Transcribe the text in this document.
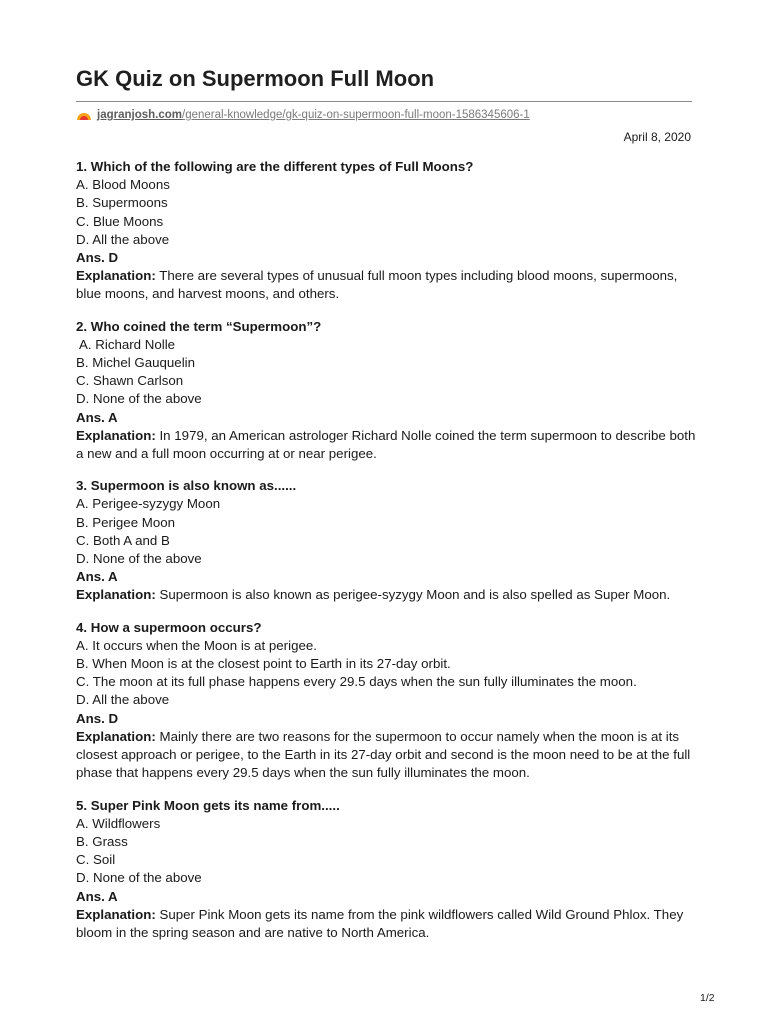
GK Quiz on Supermoon Full Moon
jagranjosh.com /general-knowledge/gk-quiz-on-supermoon-full-moon-1586345606-1
April 8, 2020
1. Which of the following are the different types of Full Moons?
A. Blood Moons
B. Supermoons
C. Blue Moons
D. All the above
Ans. D
Explanation: There are several types of unusual full moon types including blood moons, supermoons, blue moons, and harvest moons, and others.
2. Who coined the term “Supermoon”?
A. Richard Nolle
B. Michel Gauquelin
C. Shawn Carlson
D. None of the above
Ans. A
Explanation: In 1979, an American astrologer Richard Nolle coined the term supermoon to describe both a new and a full moon occurring at or near perigee.
3. Supermoon is also known as......
A. Perigee-syzygy Moon
B. Perigee Moon
C. Both A and B
D. None of the above
Ans. A
Explanation: Supermoon is also known as perigee-syzygy Moon and is also spelled as Super Moon.
4. How a supermoon occurs?
A. It occurs when the Moon is at perigee.
B. When Moon is at the closest point to Earth in its 27-day orbit.
C. The moon at its full phase happens every 29.5 days when the sun fully illuminates the moon.
D. All the above
Ans. D
Explanation: Mainly there are two reasons for the supermoon to occur namely when the moon is at its closest approach or perigee, to the Earth in its 27-day orbit and second is the moon need to be at the full phase that happens every 29.5 days when the sun fully illuminates the moon.
5. Super Pink Moon gets its name from.....
A. Wildflowers
B. Grass
C. Soil
D. None of the above
Ans. A
Explanation: Super Pink Moon gets its name from the pink wildflowers called Wild Ground Phlox. They bloom in the spring season and are native to North America.
1/2
